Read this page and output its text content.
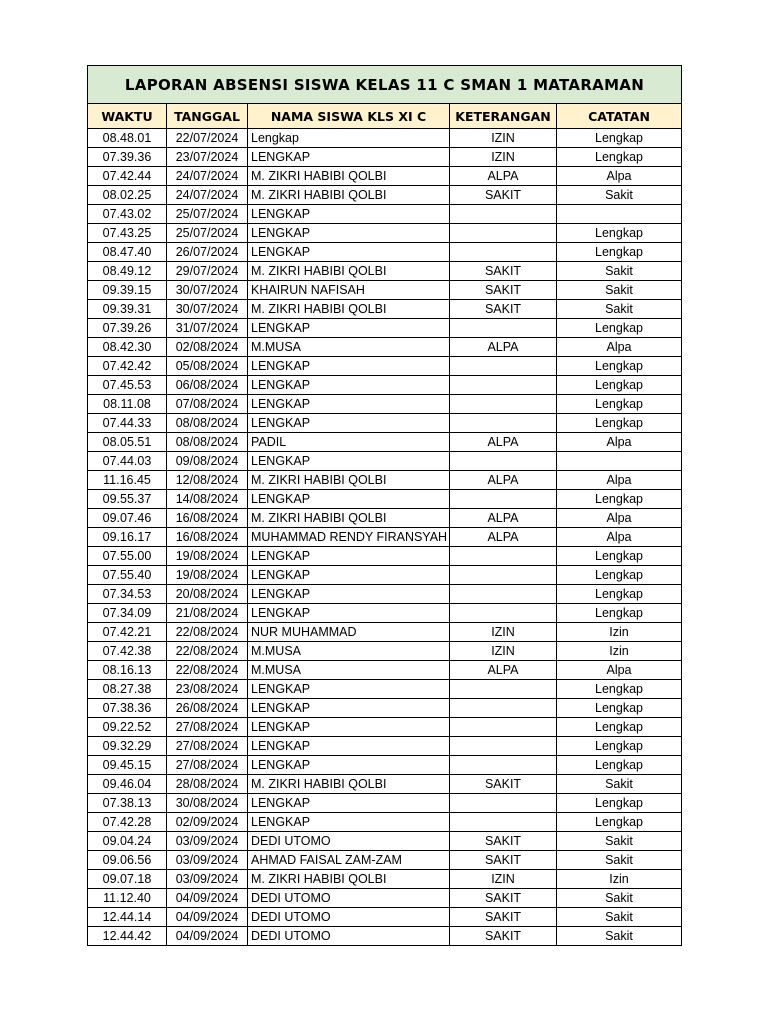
LAPORAN ABSENSI SISWA KELAS 11 C SMAN 1 MATARAMAN				
WAKTU	TANGGAL	NAMA SISWA KLS XI C	KETERANGAN	CATATAN
08.48.01	22/07/2024	Lengkap	IZIN	Lengkap
07.39.36	23/07/2024	LENGKAP	IZIN	Lengkap
07.42.44	24/07/2024	M. ZIKRI HABIBI QOLBI	ALPA	Alpa
08.02.25	24/07/2024	M. ZIKRI HABIBI QOLBI	SAKIT	Sakit
07.43.02	25/07/2024	LENGKAP		
07.43.25	25/07/2024	LENGKAP		Lengkap
08.47.40	26/07/2024	LENGKAP		Lengkap
08.49.12	29/07/2024	M. ZIKRI HABIBI QOLBI	SAKIT	Sakit
09.39.15	30/07/2024	KHAIRUN NAFISAH	SAKIT	Sakit
09.39.31	30/07/2024	M. ZIKRI HABIBI QOLBI	SAKIT	Sakit
07.39.26	31/07/2024	LENGKAP		Lengkap
08.42.30	02/08/2024	M.MUSA	ALPA	Alpa
07.42.42	05/08/2024	LENGKAP		Lengkap
07.45.53	06/08/2024	LENGKAP		Lengkap
08.11.08	07/08/2024	LENGKAP		Lengkap
07.44.33	08/08/2024	LENGKAP		Lengkap
08.05.51	08/08/2024	PADIL	ALPA	Alpa
07.44.03	09/08/2024	LENGKAP		
11.16.45	12/08/2024	M. ZIKRI HABIBI QOLBI	ALPA	Alpa
09.55.37	14/08/2024	LENGKAP		Lengkap
09.07.46	16/08/2024	M. ZIKRI HABIBI QOLBI	ALPA	Alpa
09.16.17	16/08/2024	MUHAMMAD RENDY FIRANSYAH	ALPA	Alpa
07.55.00	19/08/2024	LENGKAP		Lengkap
07.55.40	19/08/2024	LENGKAP		Lengkap
07.34.53	20/08/2024	LENGKAP		Lengkap
07.34.09	21/08/2024	LENGKAP		Lengkap
07.42.21	22/08/2024	NUR MUHAMMAD	IZIN	Izin
07.42.38	22/08/2024	M.MUSA	IZIN	Izin
08.16.13	22/08/2024	M.MUSA	ALPA	Alpa
08.27.38	23/08/2024	LENGKAP		Lengkap
07.38.36	26/08/2024	LENGKAP		Lengkap
09.22.52	27/08/2024	LENGKAP		Lengkap
09.32.29	27/08/2024	LENGKAP		Lengkap
09.45.15	27/08/2024	LENGKAP		Lengkap
09.46.04	28/08/2024	M. ZIKRI HABIBI QOLBI	SAKIT	Sakit
07.38.13	30/08/2024	LENGKAP		Lengkap
07.42.28	02/09/2024	LENGKAP		Lengkap
09.04.24	03/09/2024	DEDI UTOMO	SAKIT	Sakit
09.06.56	03/09/2024	AHMAD FAISAL ZAM-ZAM	SAKIT	Sakit
09.07.18	03/09/2024	M. ZIKRI HABIBI QOLBI	IZIN	Izin
11.12.40	04/09/2024	DEDI UTOMO	SAKIT	Sakit
12.44.14	04/09/2024	DEDI UTOMO	SAKIT	Sakit
12.44.42	04/09/2024	DEDI UTOMO	SAKIT	Sakit
